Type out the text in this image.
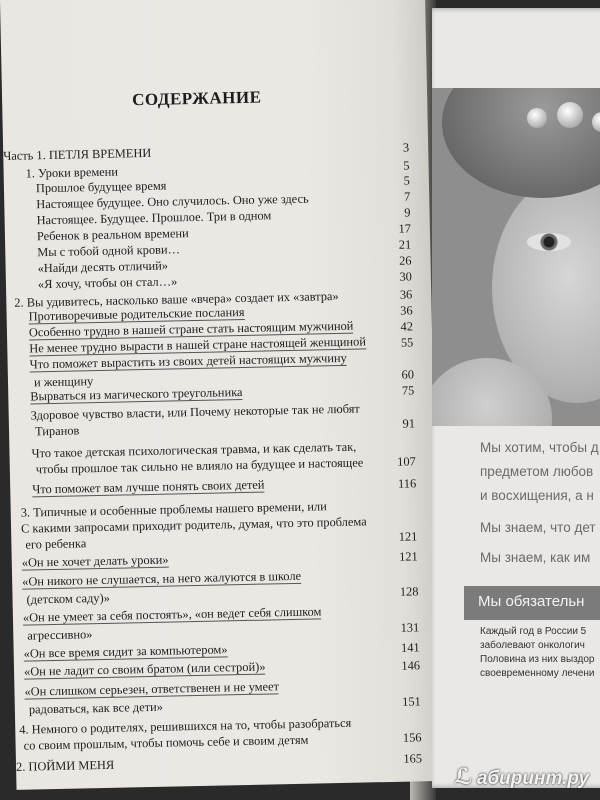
СОДЕРЖАНИЕ
Часть 1. ПЕТЛЯ ВРЕМЕНИ	3
1. Уроки времени	5
Прошлое будущее время	5
Настоящее будущее. Оно случилось. Оно уже здесь	7
Настоящее. Будущее. Прошлое. Три в одном	9
Ребенок в реальном времени	17
Мы с тобой одной крови…	21
«Найди десять отличий»	26
«Я хочу, чтобы он стал…»	30
2. Вы удивитесь, насколько ваше «вчера» создает их «завтра»	36
Противоречивые родительские послания	36
Особенно трудно в нашей стране стать настоящим мужчиной	42
Не менее трудно вырасти в нашей стране настоящей женщиной	55
Что поможет вырастить из своих детей настоящих мужчину
и женщину	60
Вырваться из магического треугольника	75
Здоровое чувство власти, или Почему некоторые так не любят
Тиранов	91
Что такое детская психологическая травма, и как сделать так,
чтобы прошлое так сильно не влияло на будущее и настоящее	107
Что поможет вам лучше понять своих детей	116
3. Типичные и особенные проблемы нашего времени, или
С какими запросами приходит родитель, думая, что это проблема
его ребенка	121
«Он не хочет делать уроки»	121
«Он никого не слушается, на него жалуются в школе
(детском саду)»	128
«Он не умеет за себя постоять», «он ведет себя слишком
агрессивно»	131
«Он все время сидит за компьютером»	141
«Он не ладит со своим братом (или сестрой)»	146
«Он слишком серьезен, ответственен и не умеет
радоваться, как все дети»	151
4. Немного о родителях, решившихся на то, чтобы разобраться
со своим прошлым, чтобы помочь себе и своим детям	156
2. ПОЙМИ МЕНЯ	165
Мы хотим, чтобы д
предметом любов
и восхищения, а н
Мы знаем, что дет
Мы знаем, как им
Мы обязательн
Каждый год в России 5
заболевают онкологич
Половина из них выздор
своевременному лечени
ℒ абиринт.ру
